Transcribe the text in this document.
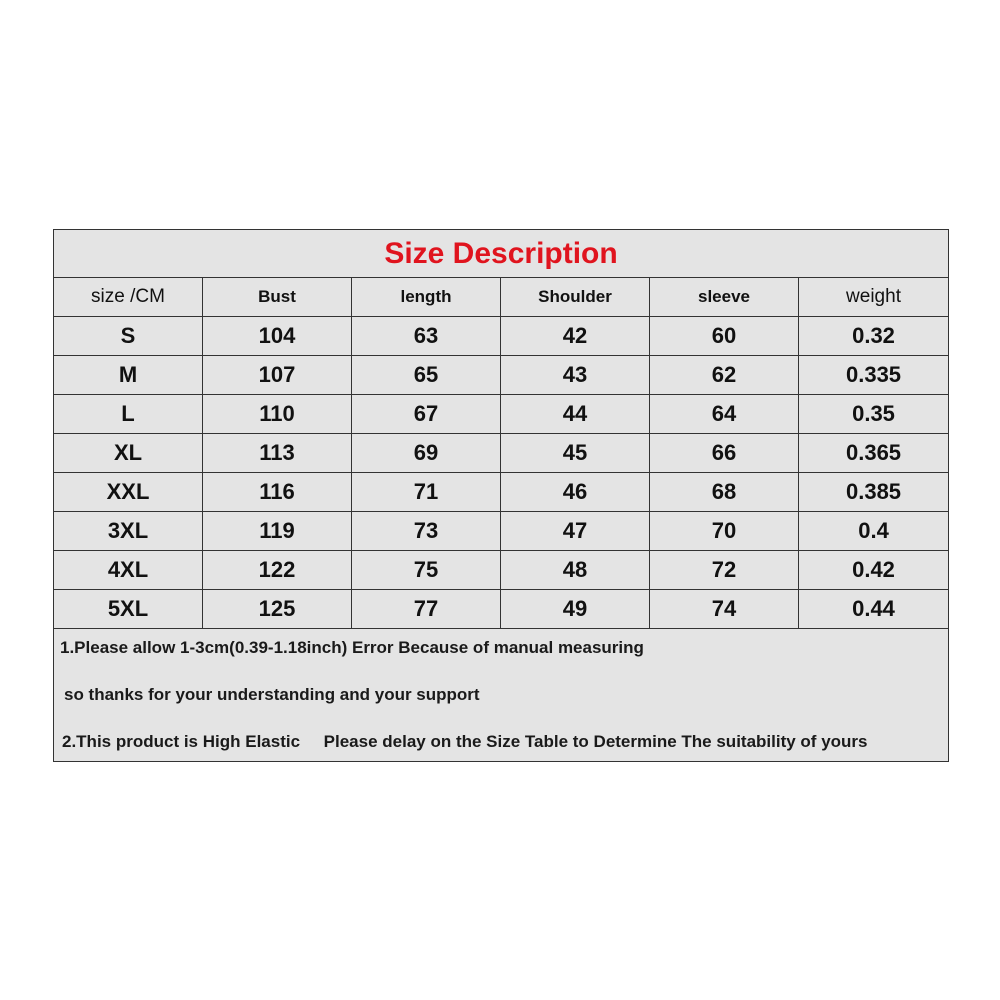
Size Description					
size /CM	Bust	length	Shoulder	sleeve	weight
S	104	63	42	60	0.32
M	107	65	43	62	0.335
L	110	67	44	64	0.35
XL	113	69	45	66	0.365
XXL	116	71	46	68	0.385
3XL	119	73	47	70	0.4
4XL	122	75	48	72	0.42
5XL	125	77	49	74	0.44

1.Please allow 1-3cm(0.39-1.18inch) Error Because of manual measuring
so thanks for your understanding and your support
2.This product is High Elastic     Please delay on the Size Table to Determine The suitability of yours					
